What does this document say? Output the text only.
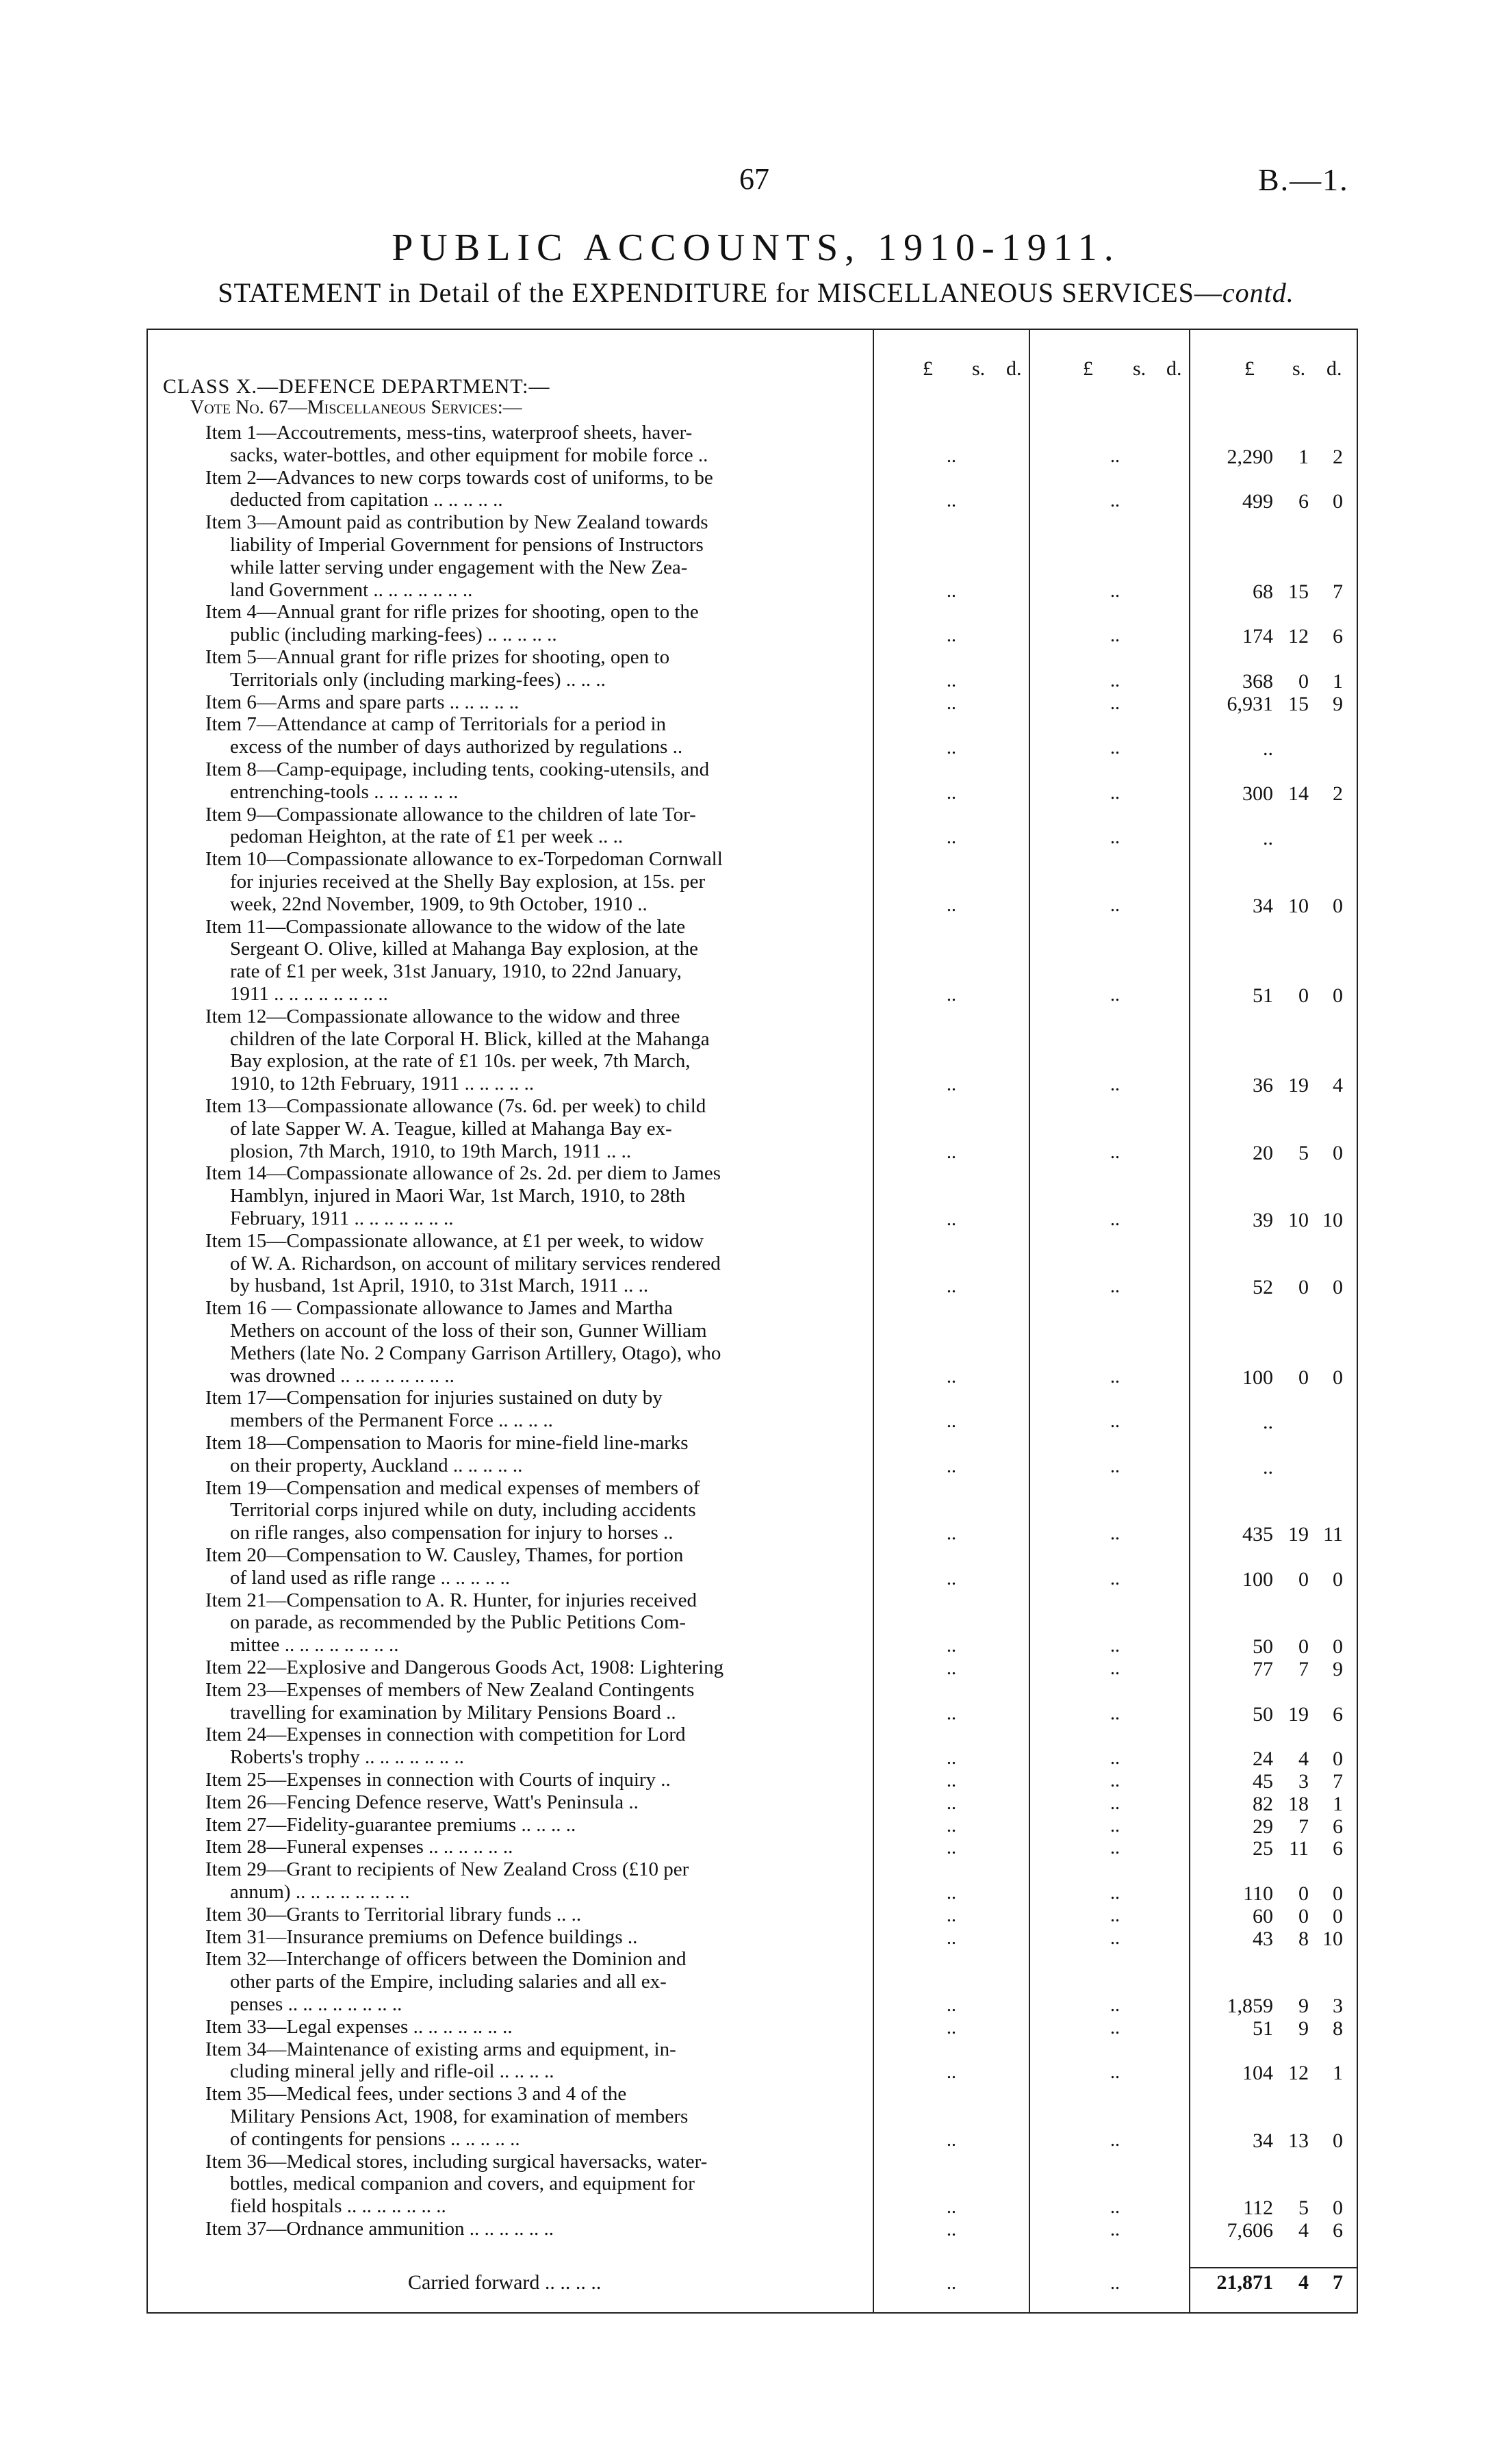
67	B.—1.
PUBLIC ACCOUNTS, 1910-1911.
STATEMENT in Detail of the EXPENDITURE for MISCELLANEOUS SERVICES—contd.
£ s. d.	£ s. d.	£ s. d.
CLASS X.—DEFENCE DEPARTMENT:—
Vote No. 67—Miscellaneous Services:—
Item 1—Accoutrements, mess-tins, waterproof sheets, haver-
sacks, water-bottles, and other equipment for mobile force ..	..	..	2,290	1	2
Item 2—Advances to new corps towards cost of uniforms, to be
deducted from capitation .. .. .. .. ..	..	..	499	6	0
Item 3—Amount paid as contribution by New Zealand towards
liability of Imperial Government for pensions of Instructors
while latter serving under engagement with the New Zea-
land Government .. .. .. .. .. .. ..	..	..	68 15	7
Item 4—Annual grant for rifle prizes for shooting, open to the
public (including marking-fees) .. .. .. .. ..	..	..	174 12	6
Item 5—Annual grant for rifle prizes for shooting, open to
Territorials only (including marking-fees) .. .. ..	..	..	368	0	1
Item 6—Arms and spare parts .. .. .. .. ..	..	..	6,931 15	9
Item 7—Attendance at camp of Territorials for a period in
excess of the number of days authorized by regulations ..	..	..	..
Item 8—Camp-equipage, including tents, cooking-utensils, and
entrenching-tools .. .. .. .. .. ..	..	..	300 14	2
Item 9—Compassionate allowance to the children of late Tor-
pedoman Heighton, at the rate of £1 per week .. ..	..	..	..
Item 10—Compassionate allowance to ex-Torpedoman Cornwall
for injuries received at the Shelly Bay explosion, at 15s. per
week, 22nd November, 1909, to 9th October, 1910 ..	..	..	34 10	0
Item 11—Compassionate allowance to the widow of the late
Sergeant O. Olive, killed at Mahanga Bay explosion, at the
rate of £1 per week, 31st January, 1910, to 22nd January,
1911 .. .. .. .. .. .. .. ..	..	..	51	0	0
Item 12—Compassionate allowance to the widow and three
children of the late Corporal H. Blick, killed at the Mahanga
Bay explosion, at the rate of £1 10s. per week, 7th March,
1910, to 12th February, 1911 .. .. .. .. ..	..	..	36 19	4
Item 13—Compassionate allowance (7s. 6d. per week) to child
of late Sapper W. A. Teague, killed at Mahanga Bay ex-
plosion, 7th March, 1910, to 19th March, 1911 .. ..	..	..	20	5	0
Item 14—Compassionate allowance of 2s. 2d. per diem to James
Hamblyn, injured in Maori War, 1st March, 1910, to 28th
February, 1911 .. .. .. .. .. .. ..	..	..	39 10 10
Item 15—Compassionate allowance, at £1 per week, to widow
of W. A. Richardson, on account of military services rendered
by husband, 1st April, 1910, to 31st March, 1911 .. ..	..	..	52	0	0
Item 16 — Compassionate allowance to James and Martha
Methers on account of the loss of their son, Gunner William
Methers (late No. 2 Company Garrison Artillery, Otago), who
was drowned .. .. .. .. .. .. .. ..	..	..	100	0	0
Item 17—Compensation for injuries sustained on duty by
members of the Permanent Force .. .. .. ..	..	..	..
Item 18—Compensation to Maoris for mine-field line-marks
on their property, Auckland .. .. .. .. ..	..	..	..
Item 19—Compensation and medical expenses of members of
Territorial corps injured while on duty, including accidents
on rifle ranges, also compensation for injury to horses ..	..	..	435 19 11
Item 20—Compensation to W. Causley, Thames, for portion
of land used as rifle range .. .. .. .. ..	..	..	100	0	0
Item 21—Compensation to A. R. Hunter, for injuries received
on parade, as recommended by the Public Petitions Com-
mittee .. .. .. .. .. .. .. ..	..	..	50	0	0
Item 22—Explosive and Dangerous Goods Act, 1908: Lightering	..	..	77	7	9
Item 23—Expenses of members of New Zealand Contingents
travelling for examination by Military Pensions Board ..	..	..	50 19	6
Item 24—Expenses in connection with competition for Lord
Roberts's trophy .. .. .. .. .. .. ..	..	..	24	4	0
Item 25—Expenses in connection with Courts of inquiry ..	..	..	45	3	7
Item 26—Fencing Defence reserve, Watt's Peninsula ..	..	..	82 18	1
Item 27—Fidelity-guarantee premiums .. .. .. ..	..	..	29	7	6
Item 28—Funeral expenses .. .. .. .. .. ..	..	..	25 11	6
Item 29—Grant to recipients of New Zealand Cross (£10 per
annum) .. .. .. .. .. .. .. ..	..	..	110	0	0
Item 30—Grants to Territorial library funds .. ..	..	..	60	0	0
Item 31—Insurance premiums on Defence buildings ..	..	..	43	8 10
Item 32—Interchange of officers between the Dominion and
other parts of the Empire, including salaries and all ex-
penses .. .. .. .. .. .. .. ..	..	..	1,859	9	3
Item 33—Legal expenses .. .. .. .. .. .. ..	..	..	51	9	8
Item 34—Maintenance of existing arms and equipment, in-
cluding mineral jelly and rifle-oil .. .. .. ..	..	..	104 12	1
Item 35—Medical fees, under sections 3 and 4 of the
Military Pensions Act, 1908, for examination of members
of contingents for pensions .. .. .. .. ..	..	..	34 13	0
Item 36—Medical stores, including surgical haversacks, water-
bottles, medical companion and covers, and equipment for
field hospitals .. .. .. .. .. .. ..	..	..	112	5	0
Item 37—Ordnance ammunition .. .. .. .. .. ..	..	..	7,606	4	6
Carried forward .. .. .. ..	..	..	21,871	4	7
